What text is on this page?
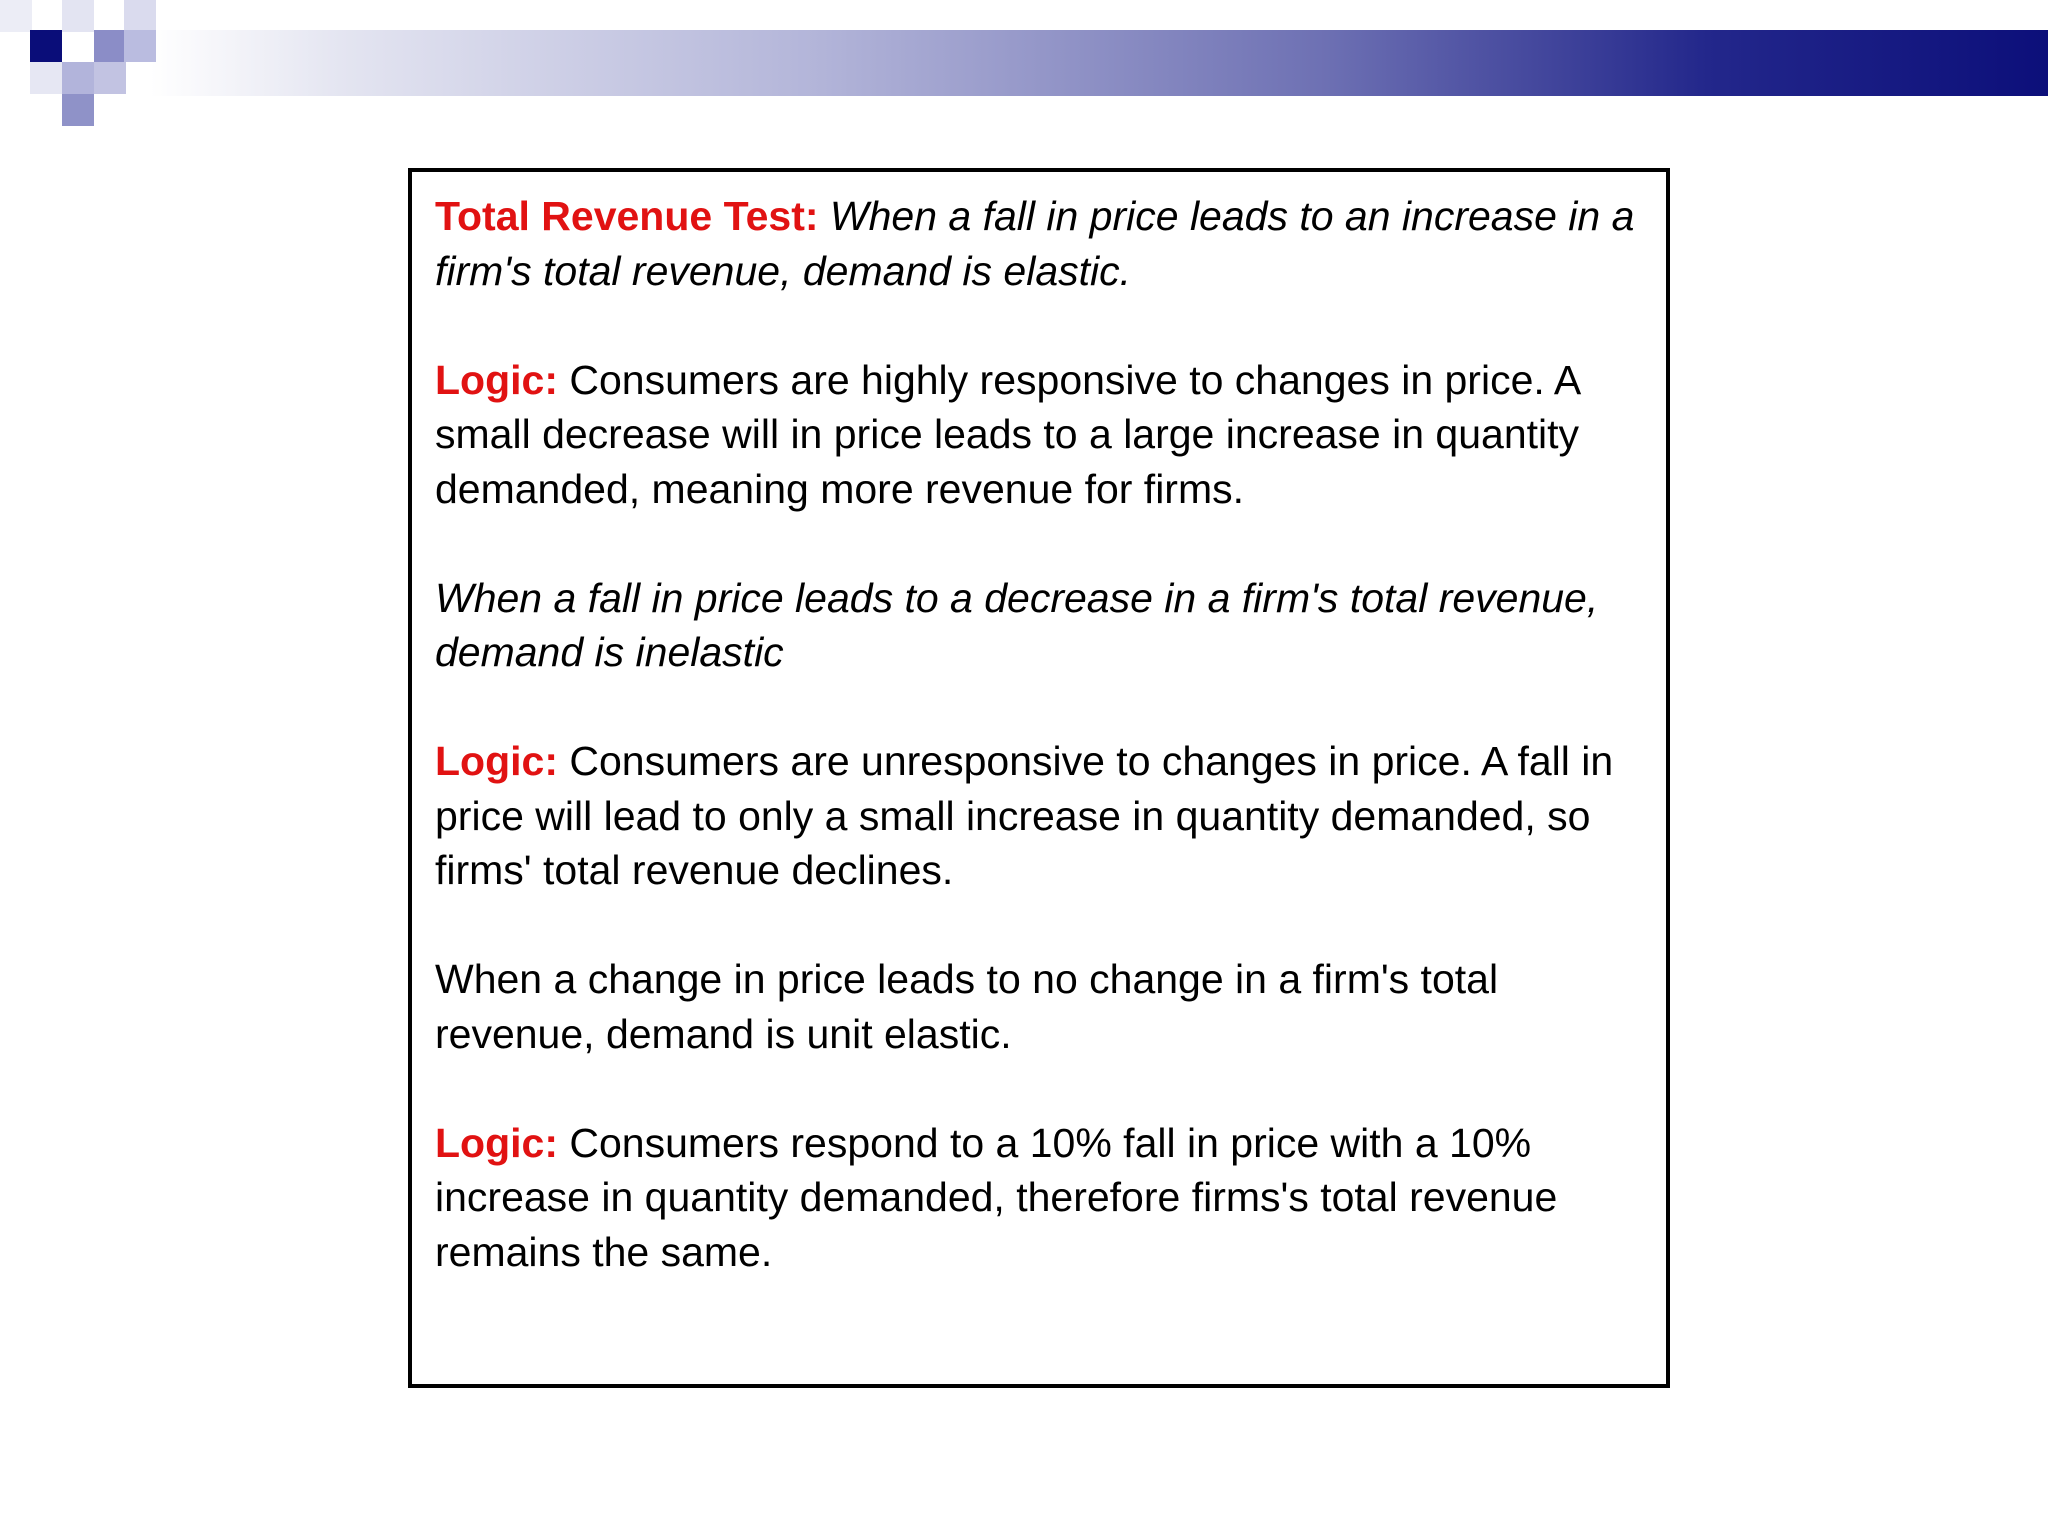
Total Revenue Test: When a fall in price leads to an increase in a firm's total revenue, demand is elastic.

Logic: Consumers are highly responsive to changes in price. A small decrease will in price leads to a large increase in quantity demanded, meaning more revenue for firms.

When a fall in price leads to a decrease in a firm's total revenue, demand is inelastic

Logic: Consumers are unresponsive to changes in price. A fall in price will lead to only a small increase in quantity demanded, so firms' total revenue declines.

When a change in price leads to no change in a firm's total revenue, demand is unit elastic.

Logic: Consumers respond to a 10% fall in price with a 10% increase in quantity demanded, therefore firms's total revenue remains the same.
